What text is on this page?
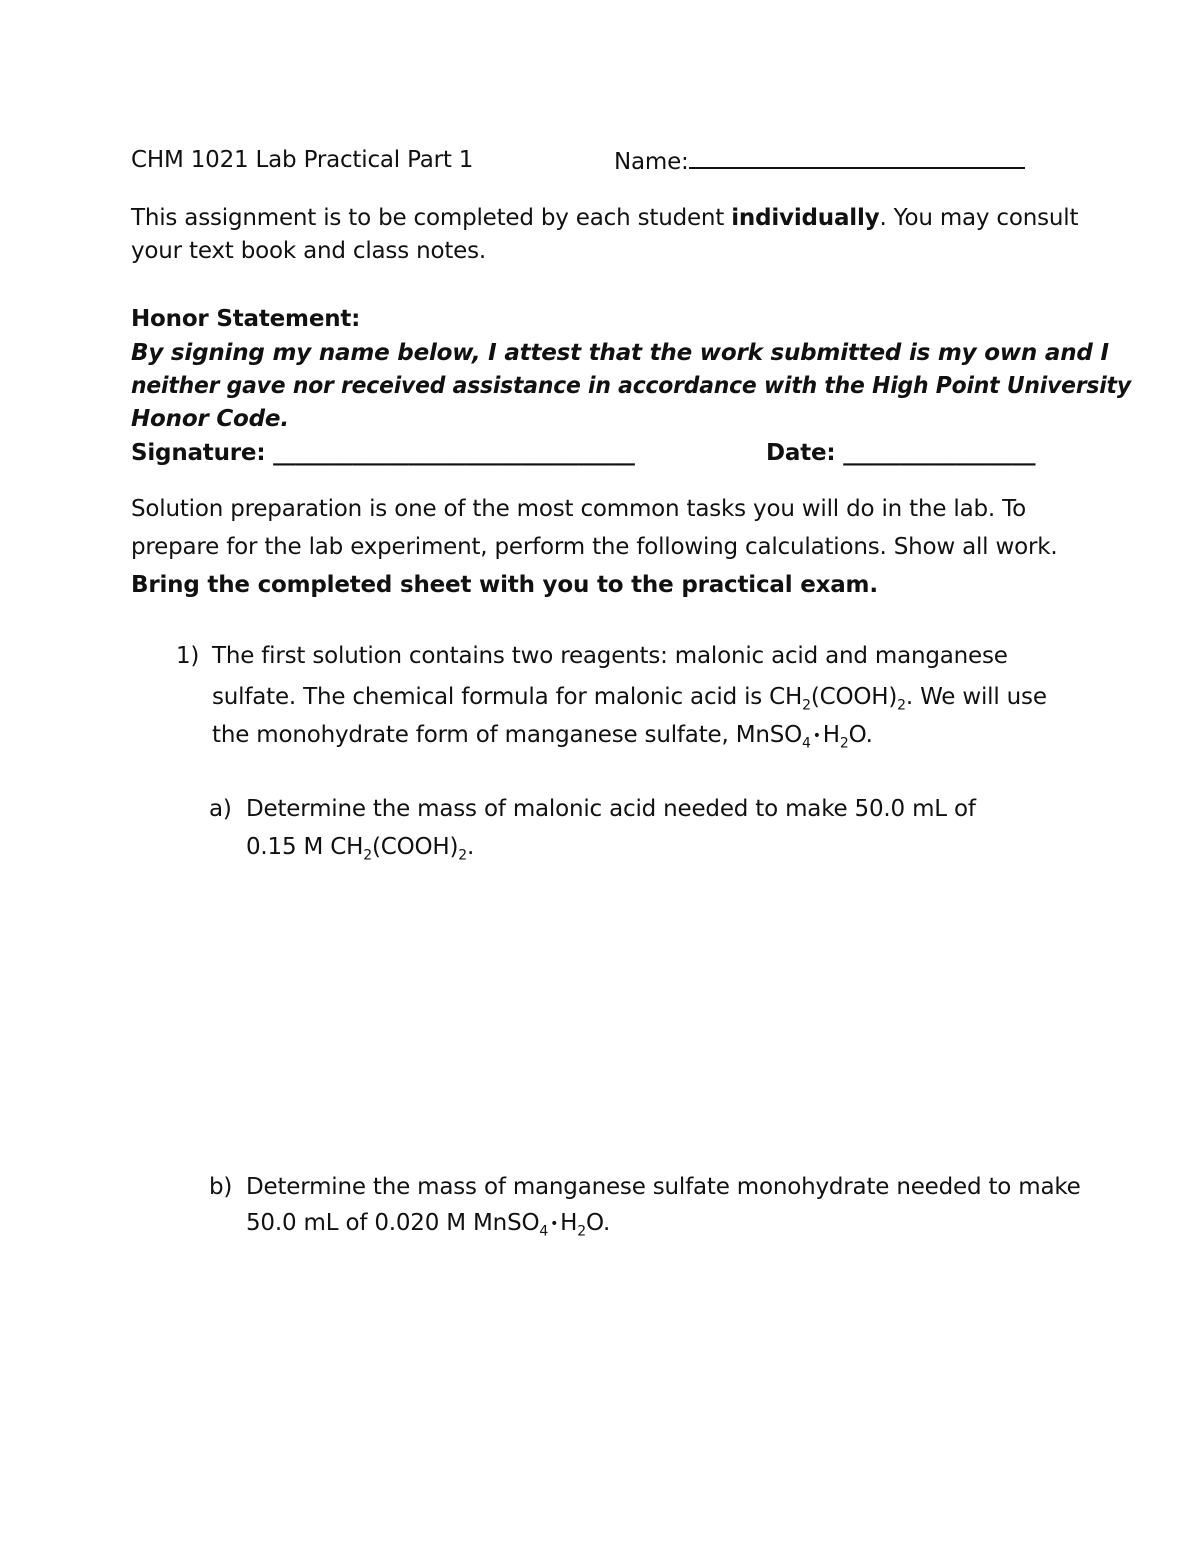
CHM 1021 Lab Practical Part 1	Name:
This assignment is to be completed by each student individually. You may consult
your text book and class notes.
Honor Statement:
By signing my name below, I attest that the work submitted is my own and I
neither gave nor received assistance in accordance with the High Point University
Honor Code.
Signature: ________________________________	Date: _________________
Solution preparation is one of the most common tasks you will do in the lab. To
prepare for the lab experiment, perform the following calculations. Show all work.
Bring the completed sheet with you to the practical exam.
1) The first solution contains two reagents: malonic acid and manganese
sulfate. The chemical formula for malonic acid is $CH_2(COOH)_2$. We will use
the monohydrate form of manganese sulfate, MnSO$_4$ $•H_2O$.
a) Determine the mass of malonic acid needed to make 50.0 mL of
0.15 M $CH_2(COOH)_2$.
b) Determine the mass of manganese sulfate monohydrate needed to make
50.0 mL of 0.020 M MnSO$_4$ $•H_2O$.
